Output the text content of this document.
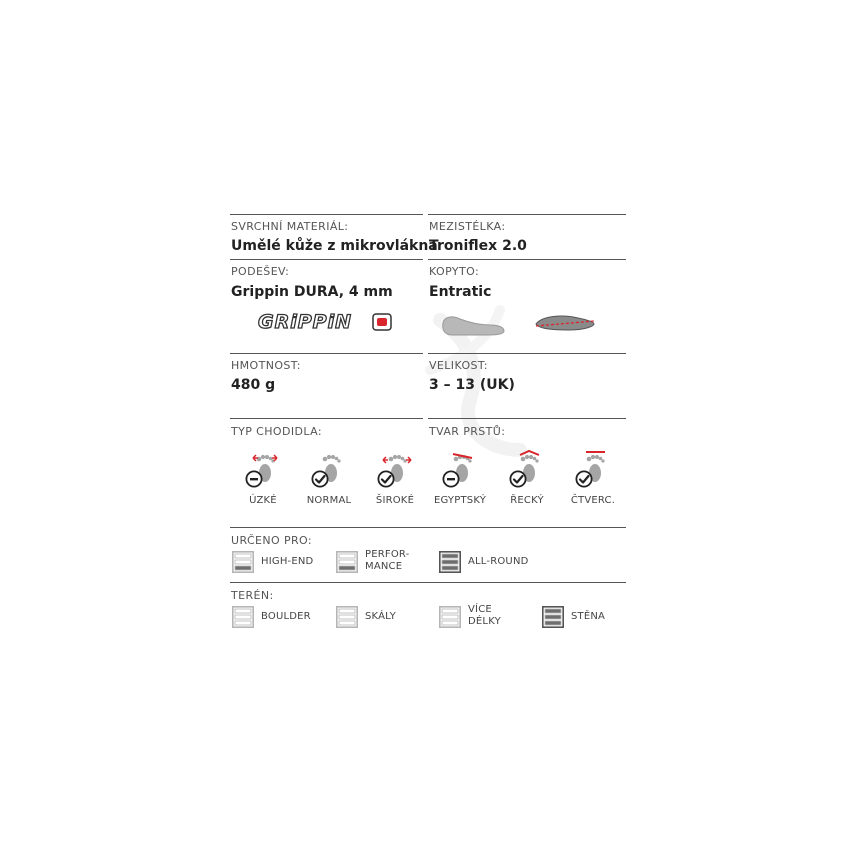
SVRCHNÍ MATERIÁL:
Umělé kůže z mikrovlákna
MEZISTÉLKA:
Troniflex 2.0
PODEŠEV:
Grippin DURA, 4 mm
KOPYTO:
Entratic
GRiPPiN
HMOTNOST:
480 g
VELIKOST:
3 – 13 (UK)
TYP CHODIDLA:	TVAR PRSTŮ:
ÚZKÉ	NORMAL	ŠIROKÉ	EGYPTSKÝ	ŘECKÝ	ČTVERC.
URČENO PRO:
HIGH-END
PERFOR-
MANCE	ALL-ROUND
TERÉN:
BOULDER	SKÁLY
VÍCE
DÉLKY	STĚNA
